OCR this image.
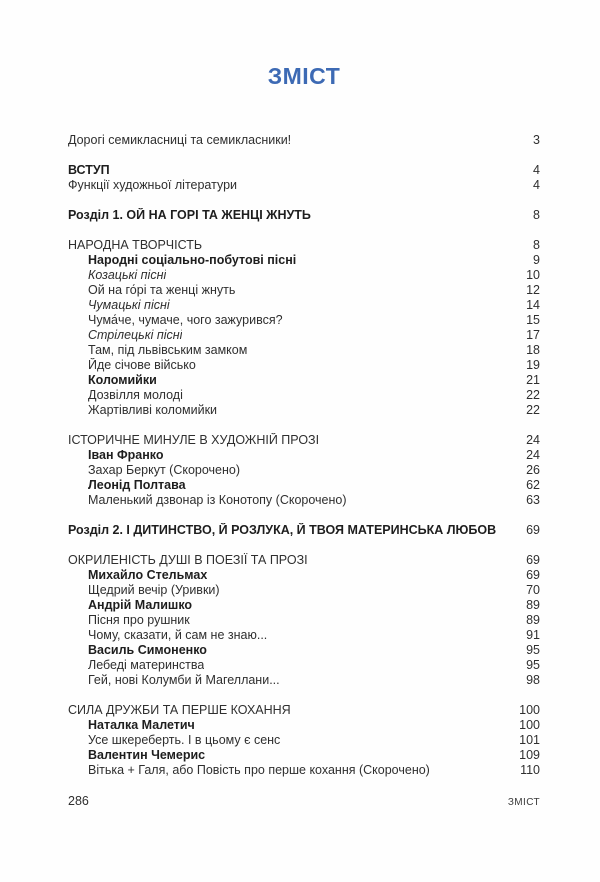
ЗМІСТ
Дорогі семикласниці та семикласники!	3
ВСТУП	4
Функції художньої літератури	4
Розділ 1. ОЙ НА ГОРІ ТА ЖЕНЦІ ЖНУТЬ	8
НАРОДНА ТВОРЧІСТЬ	8
Народні соціально-побутові пісні	9
Козацькі пісні	10
Ой на го́рі та женці жнуть	12
Чумацькі пісні	14
Чума́че, чумаче, чого зажурився?	15
Стрілецькі пісні	17
Там, під львівським замком	18
Йде січове військо	19
Коломийки	21
Дозвілля молоді	22
Жартівливі коломийки	22
ІСТОРИЧНЕ МИНУЛЕ В ХУДОЖНІЙ ПРОЗІ	24
Іван Франко	24
Захар Беркут (Скорочено)	26
Леонід Полтава	62
Маленький дзвонар із Конотопу (Скорочено)	63
Розділ 2. І ДИТИНСТВО, Й РОЗЛУКА, Й ТВОЯ МАТЕРИНСЬКА ЛЮБОВ 69
ОКРИЛЕНІСТЬ ДУШІ В ПОЕЗІЇ ТА ПРОЗІ	69
Михайло Стельмах	69
Щедрий вечір (Уривки)	70
Андрій Малишко	89
Пісня про рушник	89
Чому, сказати, й сам не знаю...	91
Василь Симоненко	95
Лебеді материнства	95
Гей, нові Колумби й Магеллани...	98
СИЛА ДРУЖБИ ТА ПЕРШЕ КОХАННЯ	100
Наталка Малетич	100
Усе шкереберть. І в цьому є сенс	101
Валентин Чемерис	109
Вітька + Галя, або Повість про перше кохання (Скорочено)	110
286	ЗМІСТ
